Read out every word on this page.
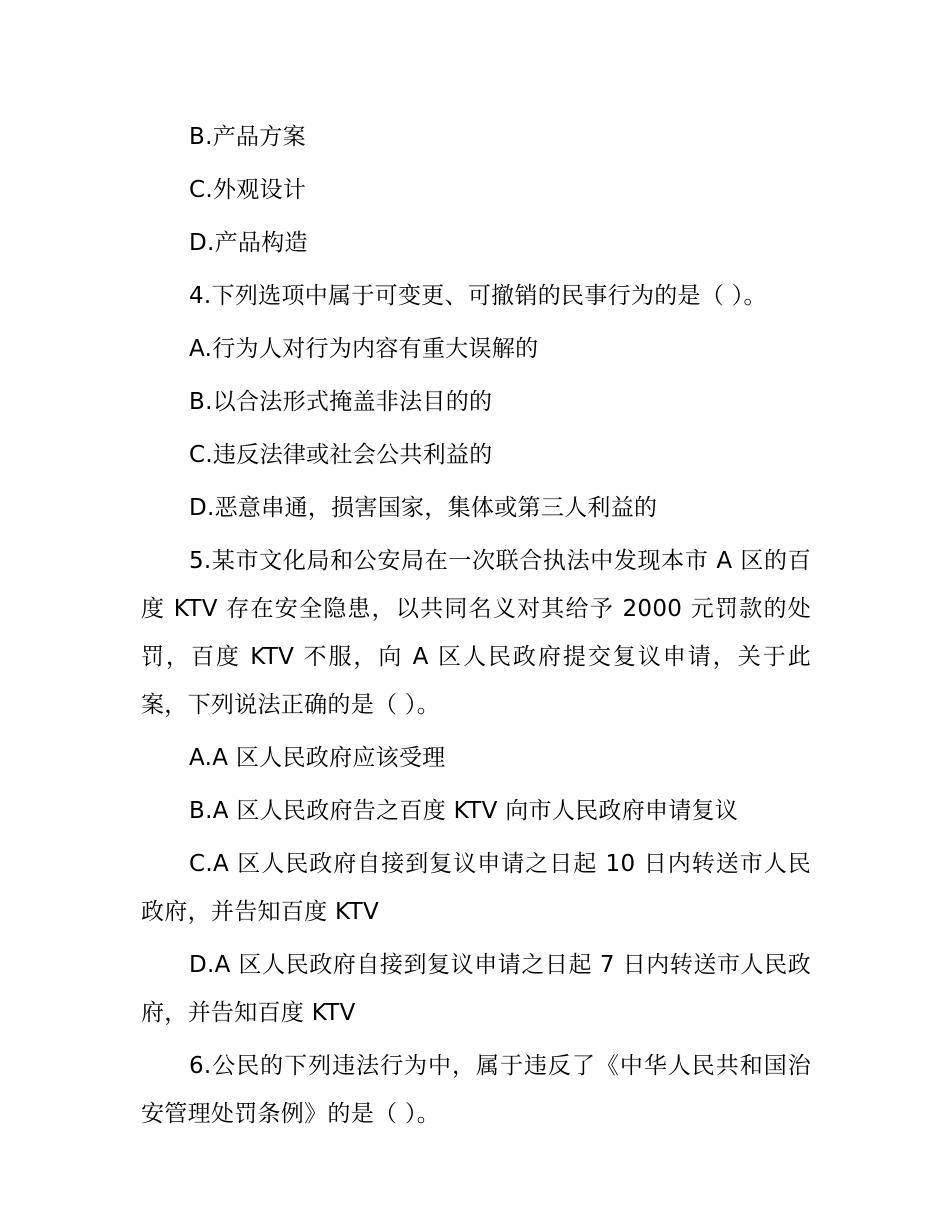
B.产品方案

C.外观设计

D.产品构造

4.下列选项中属于可变更、可撤销的民事行为的是（ ）。

A.行为人对行为内容有重大误解的

B.以合法形式掩盖非法目的的

C.违反法律或社会公共利益的

D.恶意串通，损害国家，集体或第三人利益的

5.某市文化局和公安局在一次联合执法中发现本市 A 区的百度 KTV 存在安全隐患，以共同名义对其给予 2000 元罚款的处罚，百度 KTV 不服，向 A 区人民政府提交复议申请，关于此案，下列说法正确的是（ ）。

A.A 区人民政府应该受理

B.A 区人民政府告之百度 KTV 向市人民政府申请复议

C.A 区人民政府自接到复议申请之日起 10 日内转送市人民政府，并告知百度 KTV

D.A 区人民政府自接到复议申请之日起 7 日内转送市人民政府，并告知百度 KTV

6.公民的下列违法行为中，属于违反了《中华人民共和国治安管理处罚条例》的是（ ）。
